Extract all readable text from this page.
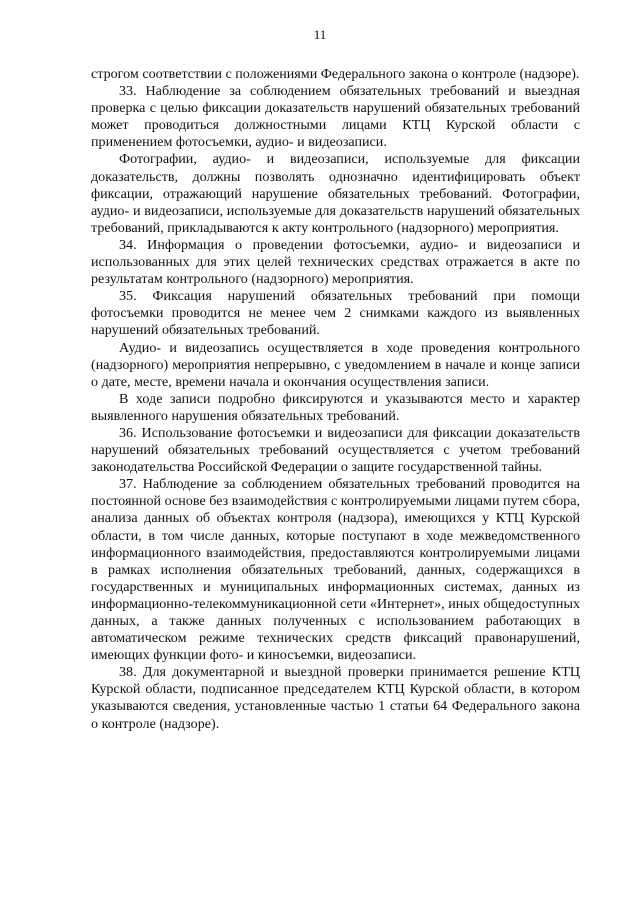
11

строгом соответствии с положениями Федерального закона о контроле (надзоре).

33. Наблюдение за соблюдением обязательных требований и выездная проверка с целью фиксации доказательств нарушений обязательных требований может проводиться должностными лицами КТЦ Курской области с применением фотосъемки, аудио- и видеозаписи.

Фотографии, аудио- и видеозаписи, используемые для фиксации доказательств, должны позволять однозначно идентифицировать объект фиксации, отражающий нарушение обязательных требований. Фотографии, аудио- и видеозаписи, используемые для доказательств нарушений обязательных требований, прикладываются к акту контрольного (надзорного) мероприятия.

34. Информация о проведении фотосъемки, аудио- и видеозаписи и использованных для этих целей технических средствах отражается в акте по результатам контрольного (надзорного) мероприятия.

35. Фиксация нарушений обязательных требований при помощи фотосъемки проводится не менее чем 2 снимками каждого из выявленных нарушений обязательных требований.

Аудио- и видеозапись осуществляется в ходе проведения контрольного (надзорного) мероприятия непрерывно, с уведомлением в начале и конце записи о дате, месте, времени начала и окончания осуществления записи.

В ходе записи подробно фиксируются и указываются место и характер выявленного нарушения обязательных требований.

36. Использование фотосъемки и видеозаписи для фиксации доказательств нарушений обязательных требований осуществляется с учетом требований законодательства Российской Федерации о защите государственной тайны.

37. Наблюдение за соблюдением обязательных требований проводится на постоянной основе без взаимодействия с контролируемыми лицами путем сбора, анализа данных об объектах контроля (надзора), имеющихся у КТЦ Курской области, в том числе данных, которые поступают в ходе межведомственного информационного взаимодействия, предоставляются контролируемыми лицами в рамках исполнения обязательных требований, данных, содержащихся в государственных и муниципальных информационных системах, данных из информационно-телекоммуникационной сети «Интернет», иных общедоступных данных, а также данных полученных с использованием работающих в автоматическом режиме технических средств фиксаций правонарушений, имеющих функции фото- и киносъемки, видеозаписи.

38. Для документарной и выездной проверки принимается решение КТЦ Курской области, подписанное председателем КТЦ Курской области, в котором указываются сведения, установленные частью 1 статьи 64 Федерального закона о контроле (надзоре).
